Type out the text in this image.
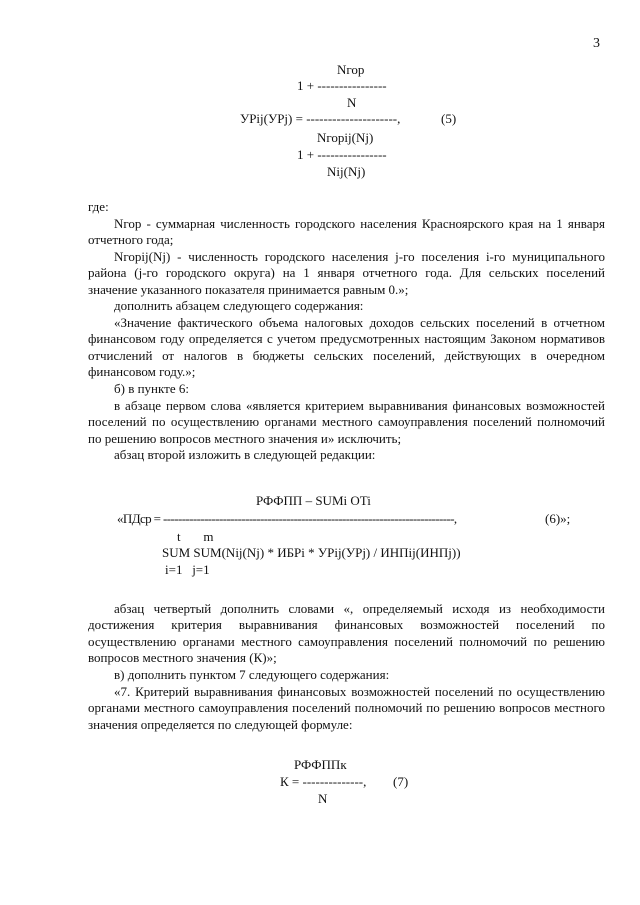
3
Nгор
1 + ----------------
N
УРij(УРj) = ---------------------,	(5)
Nгорij(Nj)
1 + ----------------
Nij(Nj)
где:
Nгор - суммарная численность городского населения Красноярского края на 1 января отчетного года;
Nгорij(Nj) - численность городского населения j-го поселения i-го муниципального района (j-го городского округа) на 1 января отчетного года. Для сельских поселений значение указанного показателя принимается равным 0.»;
дополнить абзацем следующего содержания:
«Значение фактического объема налоговых доходов сельских поселений в отчетном финансовом году определяется с учетом предусмотренных настоящим Законом нормативов отчислений от налогов в бюджеты сельских поселений, действующих в очередном финансовом году.»;
б) в пункте 6:
в абзаце первом слова «является критерием выравнивания финансовых возможностей поселений по осуществлению органами местного самоуправления поселений полномочий по решению вопросов местного значения и» исключить;
абзац второй изложить в следующей редакции:
РФФПП – SUMi OTi
«ПДср = ------------------------------------------------------------------------------,	(6)»;
t       m
SUM SUM(Nij(Nj) * ИБРi * УРij(УРj) / ИНПij(ИНПj))
i=1   j=1
абзац четвертый дополнить словами «, определяемый исходя из необходимости достижения критерия выравнивания финансовых возможностей поселений по осуществлению органами местного самоуправления поселений полномочий по решению вопросов местного значения (К)»;
в) дополнить пунктом 7 следующего содержания:
«7. Критерий выравнивания финансовых возможностей поселений по осуществлению органами местного самоуправления поселений полномочий по решению вопросов местного значения определяется по следующей формуле:
РФФППк
К = --------------, (7)
N
